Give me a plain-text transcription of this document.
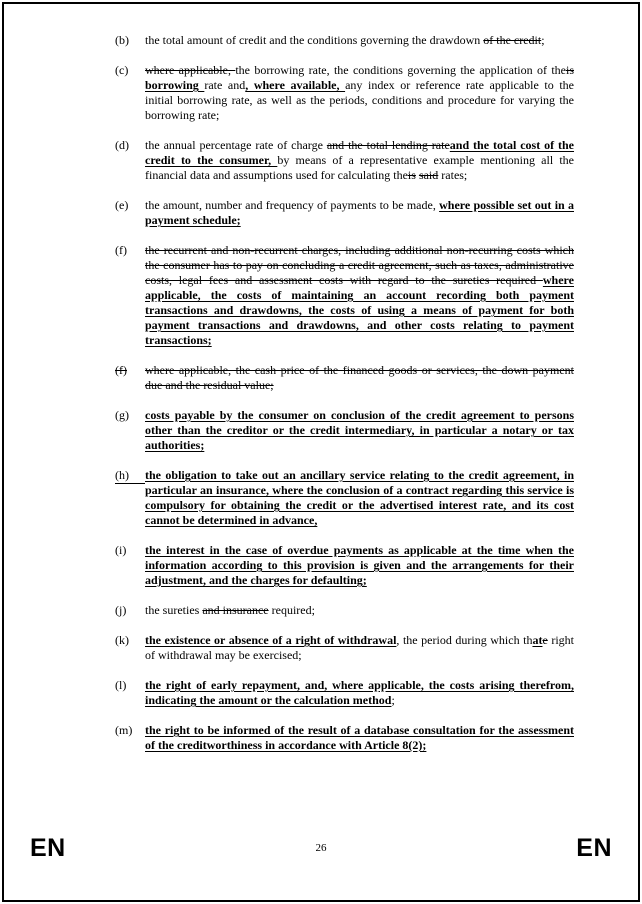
(b)	the total amount of credit and the conditions governing the drawdown of the credit;
(c)	where applicable, the borrowing rate, the conditions governing the application of theis borrowing rate and, where available, any index or reference rate applicable to the initial borrowing rate, as well as the periods, conditions and procedure for varying the borrowing rate;
(d)	the annual percentage rate of charge and the total lending rateand the total cost of the credit to the consumer, by means of a representative example mentioning all the financial data and assumptions used for calculating theis said rates;
(e)	the amount, number and frequency of payments to be made, where possible set out in a payment schedule;
(f)	the recurrent and non-recurrent charges, including additional non-recurring costs which the consumer has to pay on concluding a credit agreement, such as taxes, administrative costs, legal fees and assessment costs with regard to the sureties required where applicable, the costs of maintaining an account recording both payment transactions and drawdowns, the costs of using a means of payment for both payment transactions and drawdowns, and other costs relating to payment transactions;
(f)	where applicable, the cash price of the financed goods or services, the down payment due and the residual value;
(g)	costs payable by the consumer on conclusion of the credit agreement to persons other than the creditor or the credit intermediary, in particular a notary or tax authorities;
(h)	the obligation to take out an ancillary service relating to the credit agreement, in particular an insurance, where the conclusion of a contract regarding this service is compulsory for obtaining the credit or the advertised interest rate, and its cost cannot be determined in advance,
(i)	the interest in the case of overdue payments as applicable at the time when the information according to this provision is given and the arrangements for their adjustment, and the charges for defaulting;
(j)	the sureties and insurance required;
(k)	the existence or absence of a right of withdrawal, the period during which thate right of withdrawal may be exercised;
(l)	the right of early repayment, and, where applicable, the costs arising therefrom, indicating the amount or the calculation method;
(m)	the right to be informed of the result of a database consultation for the assessment of the creditworthiness in accordance with Article 8(2);
EN	26	EN
